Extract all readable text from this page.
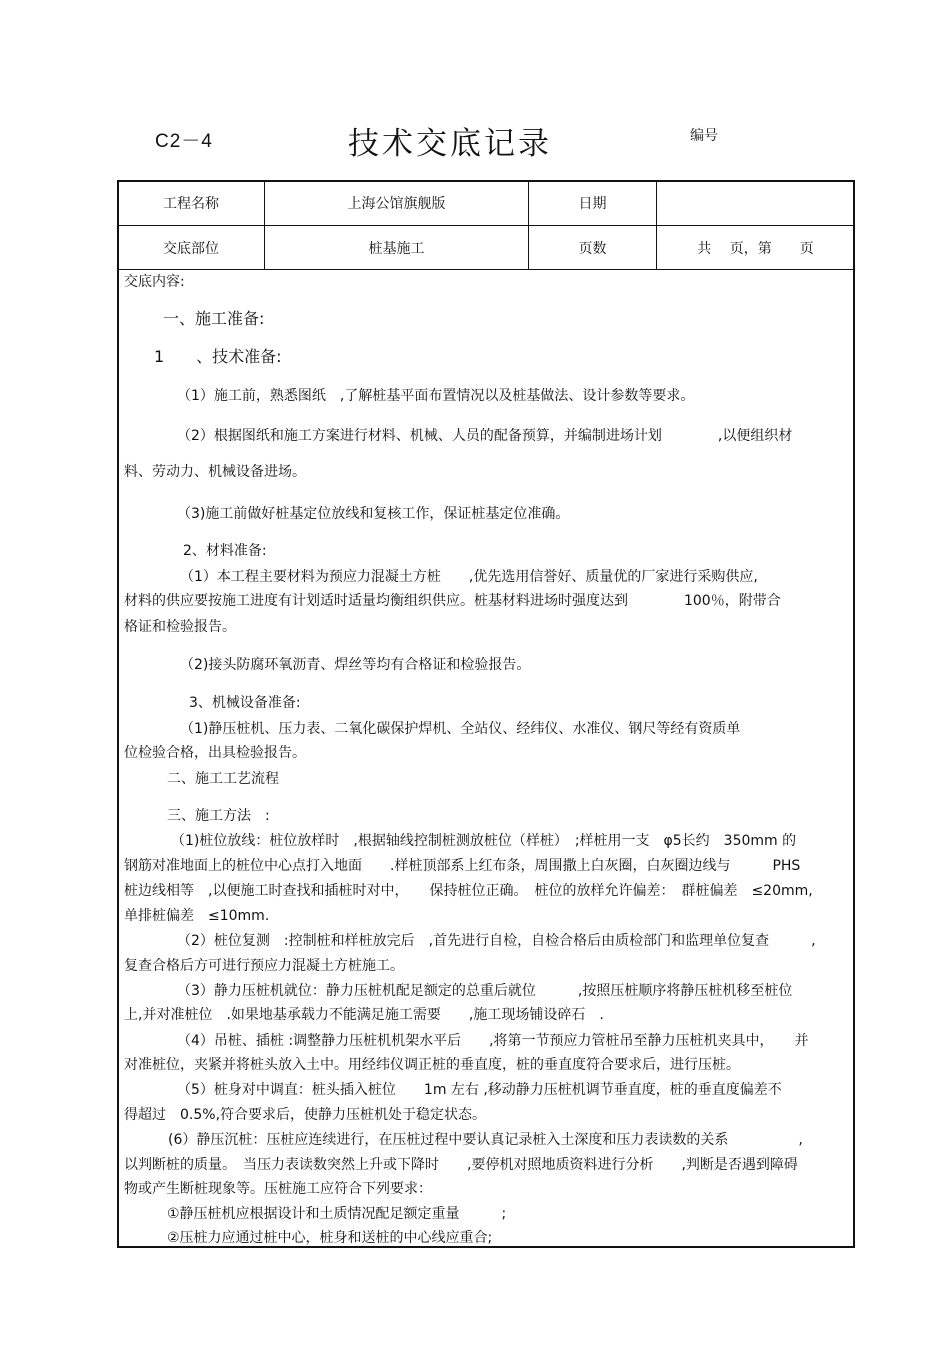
C2－4	技术交底记录	编号
工程名称	上海公馆旗舰版	日期
交底部位	桩基施工	页数	共　 页，第　　页
交底内容:
一、施工准备:
1　　、技术准备:
（1）施工前，熟悉图纸　,了解桩基平面布置情况以及桩基做法、设计参数等要求。
（2）根据图纸和施工方案进行材料、机械、人员的配备预算，并编制进场计划　　　　,以便组织材
料、劳动力、机械设备进场。
（3)施工前做好桩基定位放线和复核工作，保证桩基定位准确。
2、材料准备:
（1）本工程主要材料为预应力混凝土方桩　　,优先选用信誉好、质量优的厂家进行采购供应,
材料的供应要按施工进度有计划适时适量均衡组织供应。桩基材料进场时强度达到　　　　100％，附带合
格证和检验报告。
（2)接头防腐环氧沥青、焊丝等均有合格证和检验报告。
3、机械设备准备:
（1)静压桩机、压力表、二氧化碳保护焊机、全站仪、经纬仪、水准仪、钢尺等经有资质单
位检验合格，出具检验报告。
二、施工工艺流程
三、施工方法　:
（1)桩位放线：桩位放样时　,根据轴线控制桩测放桩位（样桩）　;样桩用一支　φ5长约　350mm 的
钢筋对准地面上的桩位中心点打入地面　　.样桩顶部系上红布条，周围撒上白灰圈，白灰圈边线与　　　PHS
桩边线相等　,以便施工时查找和插桩时对中，　　保持桩位正确。　桩位的放样允许偏差：　群桩偏差　≤20mm,
单排桩偏差　≤10mm.
（2）桩位复测　:控制桩和样桩放完后　,首先进行自检，自检合格后由质检部门和监理单位复查　　　,
复查合格后方可进行预应力混凝土方桩施工。
（3）静力压桩机就位：静力压桩机配足额定的总重后就位　　　,按照压桩顺序将静压桩机移至桩位
上,并对准桩位　.如果地基承载力不能满足施工需要　　,施工现场铺设碎石　.
（4）吊桩、插桩 :调整静力压桩机机架水平后　　,将第一节预应力管桩吊至静力压桩机夹具中，　　并
对准桩位，夹紧并将桩头放入土中。用经纬仪调正桩的垂直度，桩的垂直度符合要求后，进行压桩。
（5）桩身对中调直：桩头插入桩位　　1m 左右 ,移动静力压桩机调节垂直度，桩的垂直度偏差不
得超过　0.5%,符合要求后，使静力压桩机处于稳定状态。
(6）静压沉桩：压桩应连续进行，在压桩过程中要认真记录桩入土深度和压力表读数的关系　　　　　,
以判断桩的质量。　当压力表读数突然上升或下降时　　,要停机对照地质资料进行分析　　,判断是否遇到障碍
物或产生断桩现象等。压桩施工应符合下列要求：
①静压桩机应根据设计和土质情况配足额定重量　　　;
②压桩力应通过桩中心，桩身和送桩的中心线应重合;
